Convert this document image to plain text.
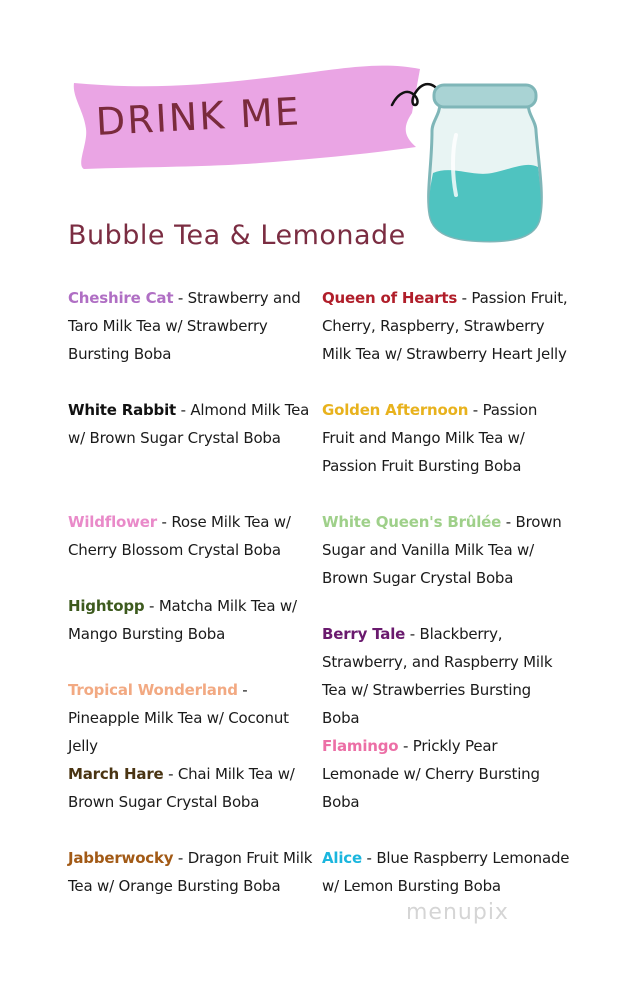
DRINK ME
Bubble Tea & Lemonade
Cheshire Cat - Strawberry and Taro Milk Tea w/ Strawberry Bursting Boba
White Rabbit - Almond Milk Tea w/ Brown Sugar Crystal Boba
Wildflower - Rose Milk Tea w/ Cherry Blossom Crystal Boba
Hightopp - Matcha Milk Tea w/ Mango Bursting Boba
Tropical Wonderland - Pineapple Milk Tea w/ Coconut Jelly
March Hare - Chai Milk Tea w/ Brown Sugar Crystal Boba
Jabberwocky - Dragon Fruit Milk Tea w/ Orange Bursting Boba
Queen of Hearts - Passion Fruit, Cherry, Raspberry, Strawberry Milk Tea w/ Strawberry Heart Jelly
Golden Afternoon - Passion Fruit and Mango Milk Tea w/ Passion Fruit Bursting Boba
White Queen's Brûlée - Brown Sugar and Vanilla Milk Tea w/ Brown Sugar Crystal Boba
Berry Tale - Blackberry, Strawberry, and Raspberry Milk Tea w/ Strawberries Bursting Boba
Flamingo - Prickly Pear Lemonade w/ Cherry Bursting Boba
Alice - Blue Raspberry Lemonade w/ Lemon Bursting Boba
menupix
